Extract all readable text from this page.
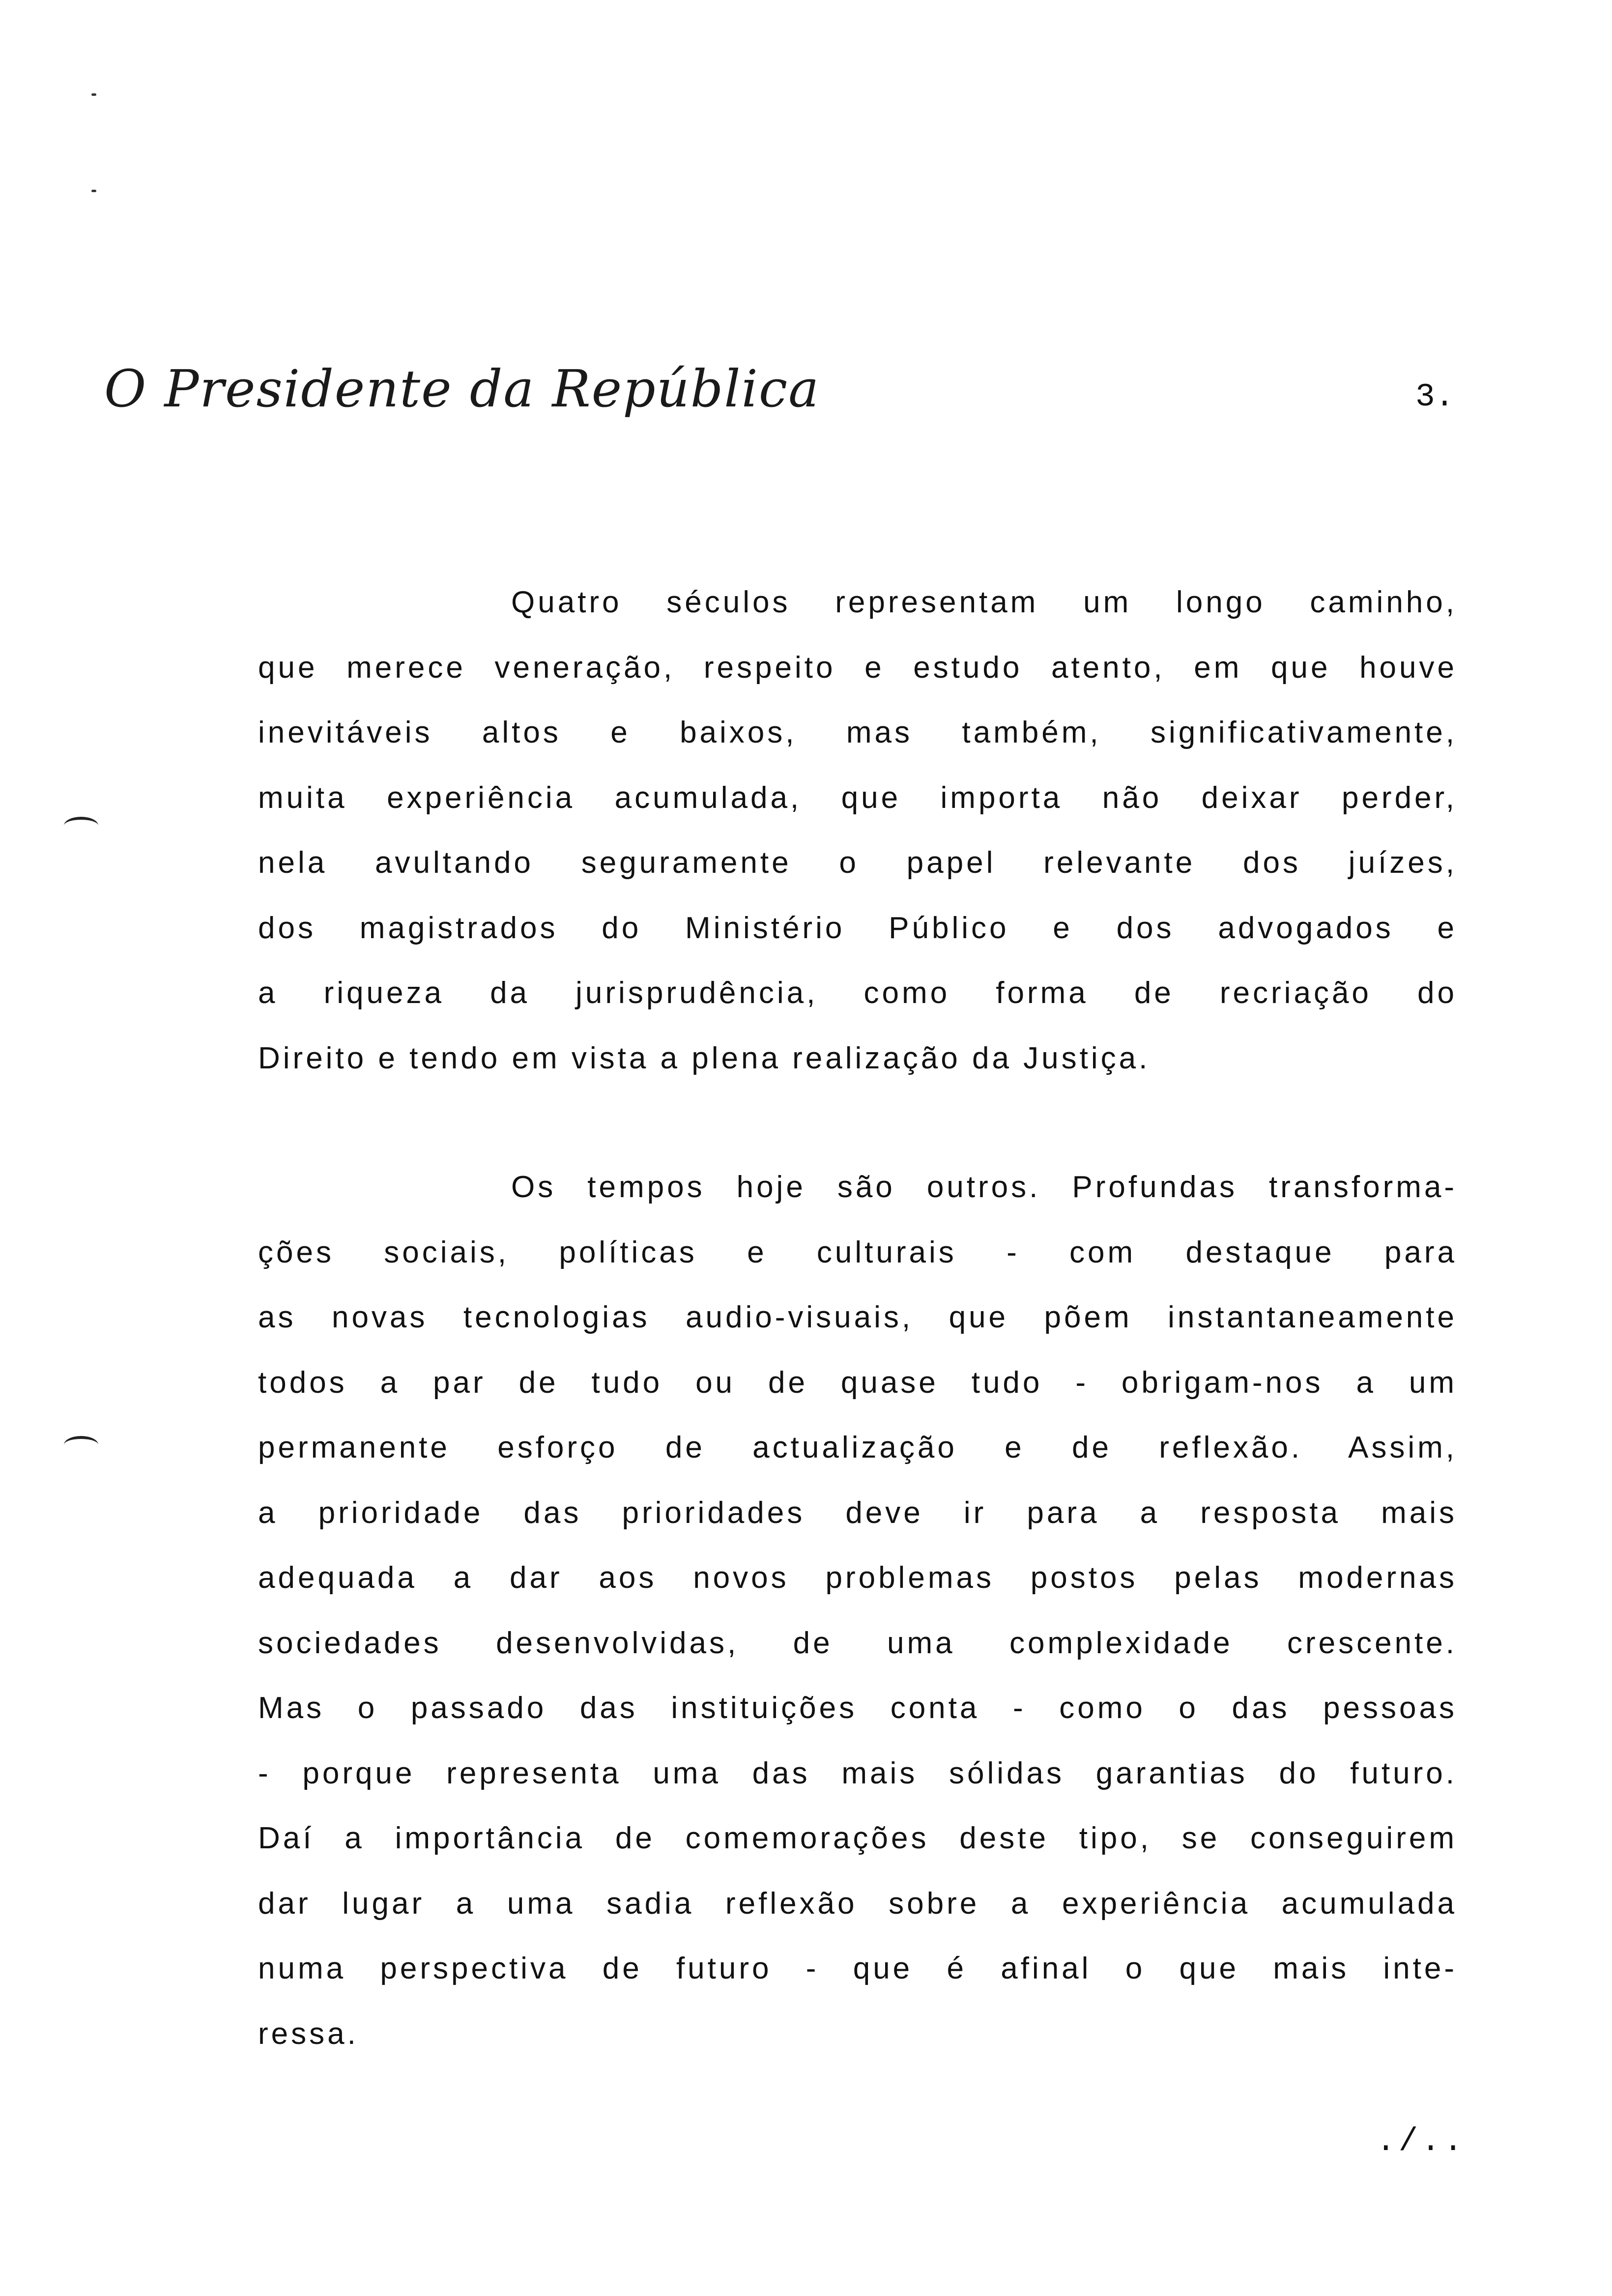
O Presidente da República	3.
Quatro séculos representam um longo caminho,
que merece veneração, respeito e estudo atento, em que houve
inevitáveis altos e baixos, mas também, significativamente,
muita experiência acumulada, que importa não deixar perder,
nela avultando seguramente o papel relevante dos juízes,
dos magistrados do Ministério Público e dos advogados e
a riqueza da jurisprudência, como forma de recriação do
Direito e tendo em vista a plena realização da Justiça.
Os tempos hoje são outros. Profundas transforma-
ções sociais, políticas e culturais - com destaque para
as novas tecnologias audio-visuais, que põem instantaneamente
todos a par de tudo ou de quase tudo - obrigam-nos a um
permanente esforço de actualização e de reflexão. Assim,
a prioridade das prioridades deve ir para a resposta mais
adequada a dar aos novos problemas postos pelas modernas
sociedades desenvolvidas, de uma complexidade crescente.
Mas o passado das instituições conta - como o das pessoas
- porque representa uma das mais sólidas garantias do futuro.
Daí a importância de comemorações deste tipo, se conseguirem
dar lugar a uma sadia reflexão sobre a experiência acumulada
numa perspectiva de futuro - que é afinal o que mais inte-
ressa.
./..
